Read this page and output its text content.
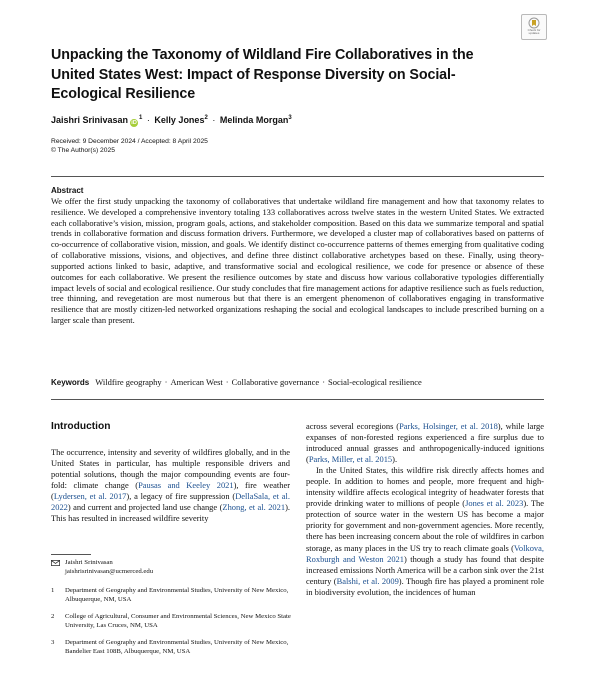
Check for updates
Unpacking the Taxonomy of Wildland Fire Collaboratives in the United States West: Impact of Response Diversity on Social-Ecological Resilience
Jaishri Srinivasan $iD^1$ · Kelly Jones$^2$ · Melinda Morgan$^3$
Received: 9 December 2024 / Accepted: 8 April 2025
© The Author(s) 2025
Abstract

We offer the first study unpacking the taxonomy of collaboratives that undertake wildland fire management and how that taxonomy relates to resilience. We developed a comprehensive inventory totaling 133 collaboratives across twelve states in the western United States. We extracted each collaborative’s vision, mission, program goals, actions, and stakeholder composition. Based on this data we summarize temporal and spatial trends in collaborative formation and discuss formation drivers. Furthermore, we developed a cluster map of collaboratives based on patterns of co-occurrence of collaborative vision, mission, and goals. We identify distinct co-occurrence patterns of themes emerging from qualitative coding of collaborative missions, visions, and objectives, and define three distinct collaborative archetypes based on these. Finally, using theory-supported actions linked to basic, adaptive, and transformative social and ecological resilience, we code for presence or absence of these outcomes for each collaborative. We present the resilience outcomes by state and discuss how various collaborative typologies differentially impact levels of social and ecological resilience. Our study concludes that fire management actions for adaptive resilience such as fuels reduction, tree thinning, and revegetation are most numerous but that there is an emergent phenomenon of collaboratives engaging in transformative resilience that are mostly citizen-led networked organizations reshaping the social and ecological landscapes to include prescribed burning on a larger scale than present.

Keywords Wildfire geography · American West · Collaborative governance · Social-ecological resilience
Introduction

The occurrence, intensity and severity of wildfires globally, and in the United States in particular, has multiple responsible drivers and potential solutions, though the major compounding events are four-fold: climate change (Pausas and Keeley 2021), fire weather (Lydersen, et al. 2017), a legacy of fire suppression (DellaSala, et al. 2022) and current and projected land use change (Zhong, et al. 2021). This has resulted in increased wildfire severity

across several ecoregions (Parks, Holsinger, et al. 2018), while large expanses of non-forested regions experienced a fire surplus due to introduced annual grasses and anthropogenically-induced ignitions (Parks, Miller, et al. 2015).

In the United States, this wildfire risk directly affects homes and people. In addition to homes and people, more frequent and high-intensity wildfire affects ecological integrity of headwater forests that provide drinking water to millions of people (Jones et al. 2023). The protection of source water in the western US has become a major priority for government and non-government agencies. More recently, there has been increasing concern about the role of wildfires in carbon storage, as many places in the US try to reach climate goals (Volkova, Roxburgh and Weston 2021) though a study has found that despite increased emissions North America will be a carbon sink over the 21st century (Balshi, et al. 2009). Though fire has played a prominent role in biodiversity evolution, the incidences of human

Jaishri Srinivasan
jaishrisrinivasan@ucmerced.edu
1	Department of Geography and Environmental Studies, University of New Mexico, Albuquerque, NM, USA
2	College of Agricultural, Consumer and Environmental Sciences, New Mexico State University, Las Cruces, NM, USA
3	Department of Geography and Environmental Studies, University of New Mexico, Bandelier East 108B, Albuquerque, NM, USA
